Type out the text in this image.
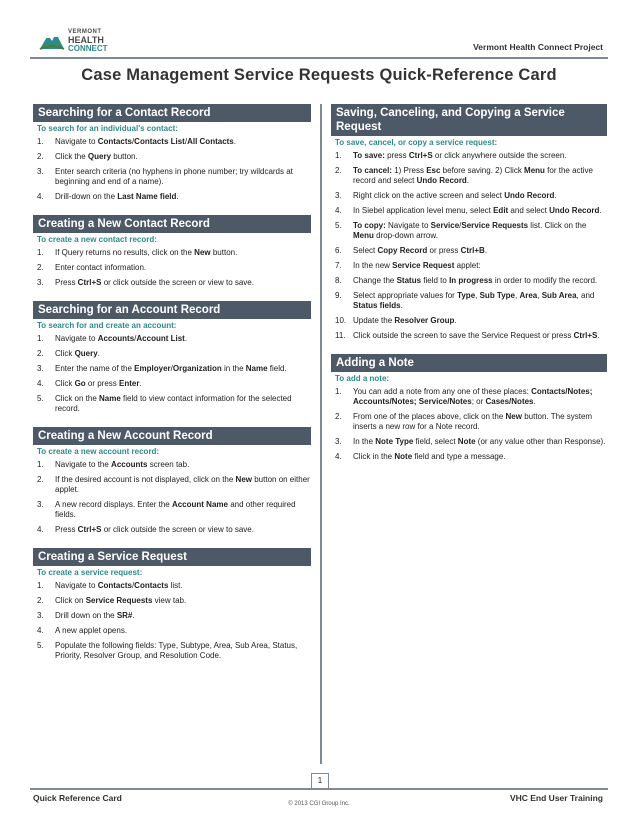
VERMONT
HEALTH
CONNECT	Vermont Health Connect Project
Case Management Service Requests Quick-Reference Card
Searching for a Contact Record
To search for an individual's contact:
1.	Navigate to Contacts/Contacts List/All Contacts.
2.	Click the Query button.
3.	Enter search criteria (no hyphens in phone number; try wildcards at beginning and end of a name).
4.	Drill-down on the Last Name field.
Creating a New Contact Record
To create a new contact record:
1.	If Query returns no results, click on the New button.
2.	Enter contact information.
3.	Press Ctrl+S or click outside the screen or view to save.
Searching for an Account Record
To search for and create an account:
1.	Navigate to Accounts/Account List.
2.	Click Query.
3.	Enter the name of the Employer/Organization in the Name field.
4.	Click Go or press Enter.
5.	Click on the Name field to view contact information for the selected record.
Creating a New Account Record
To create a new account record:
1.	Navigate to the Accounts screen tab.
2.	If the desired account is not displayed, click on the New button on either applet.
3.	A new record displays. Enter the Account Name and other required fields.
4.	Press Ctrl+S or click outside the screen or view to save.
Creating a Service Request
To create a service request:
1.	Navigate to Contacts/Contacts list.
2.	Click on Service Requests view tab.
3.	Drill down on the SR#.
4.	A new applet opens.
5.	Populate the following fields: Type, Subtype, Area, Sub Area, Status, Priority, Resolver Group, and Resolution Code.
Saving, Canceling, and Copying a Service Request
To save, cancel, or copy a service request:
1.	To save: press Ctrl+S or click anywhere outside the screen.
2.	To cancel: 1) Press Esc before saving. 2) Click Menu for the active record and select Undo Record.
3.	Right click on the active screen and select Undo Record.
4.	In Siebel application level menu, select Edit and select Undo Record.
5.	To copy: Navigate to Service/Service Requests list. Click on the Menu drop-down arrow.
6.	Select Copy Record or press Ctrl+B.
7.	In the new Service Request applet:
8.	Change the Status field to In progress in order to modify the record.
9.	Select appropriate values for Type, Sub Type, Area, Sub Area, and Status fields.
10. Update the Resolver Group.
11. Click outside the screen to save the Service Request or press Ctrl+S.
Adding a Note
To add a note:
1.	You can add a note from any one of these places: Contacts/Notes; Accounts/Notes; Service/Notes; or Cases/Notes.
2.	From one of the places above, click on the New button. The system inserts a new row for a Note record.
3.	In the Note Type field, select Note (or any value other than Response).
4.	Click in the Note field and type a message.
1
Quick Reference Card
© 2013 CGI Group Inc.
VHC End User Training
